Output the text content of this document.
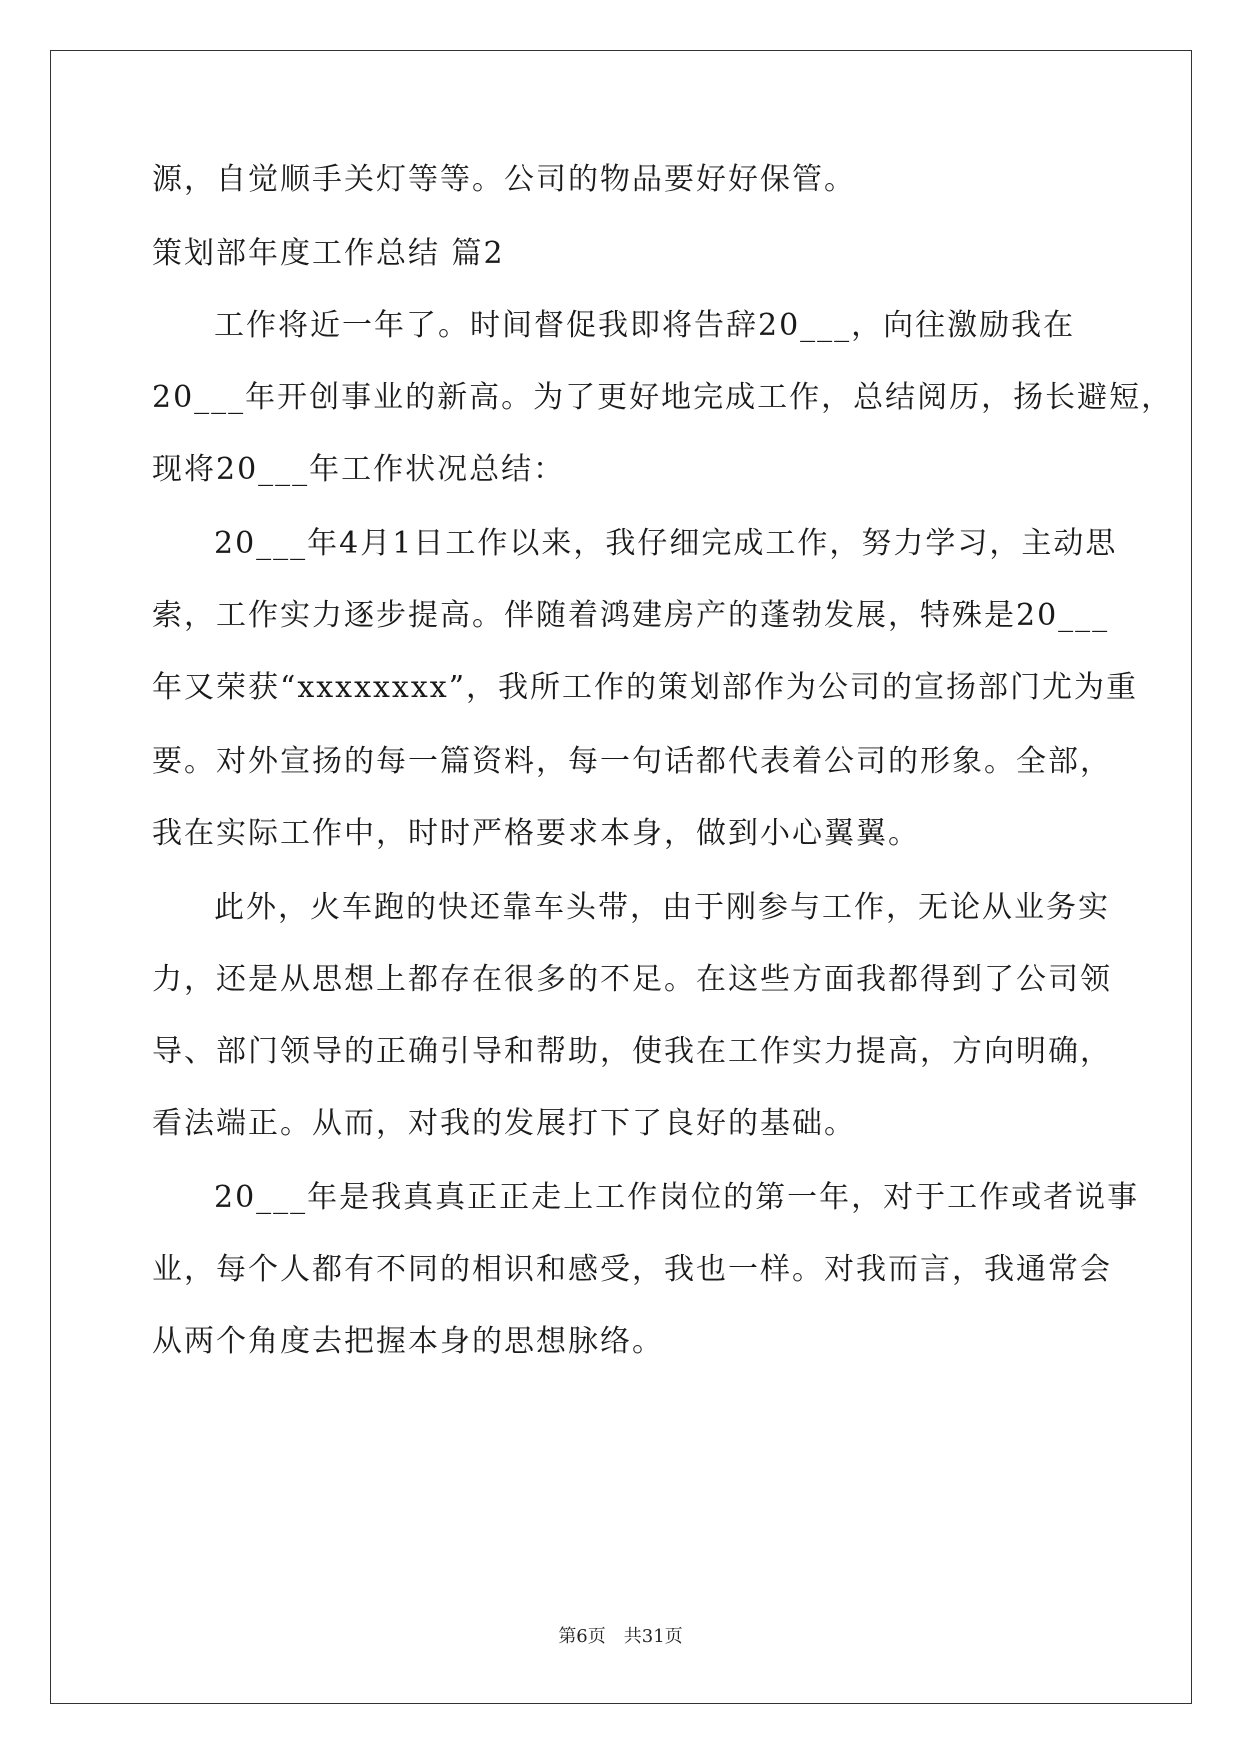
源，自觉顺手关灯等等。公司的物品要好好保管。
策划部年度工作总结 篇2
工作将近一年了。时间督促我即将告辞20___，向往激励我在
20___年开创事业的新高。为了更好地完成工作，总结阅历，扬长避短，
现将20___年工作状况总结：
20___年4月1日工作以来，我仔细完成工作，努力学习，主动思
索，工作实力逐步提高。伴随着鸿建房产的蓬勃发展，特殊是20___
年又荣获“xxxxxxxx”，我所工作的策划部作为公司的宣扬部门尤为重
要。对外宣扬的每一篇资料，每一句话都代表着公司的形象。全部，
我在实际工作中，时时严格要求本身，做到小心翼翼。
此外，火车跑的快还靠车头带，由于刚参与工作，无论从业务实
力，还是从思想上都存在很多的不足。在这些方面我都得到了公司领
导、部门领导的正确引导和帮助，使我在工作实力提高，方向明确，
看法端正。从而，对我的发展打下了良好的基础。
20___年是我真真正正走上工作岗位的第一年，对于工作或者说事
业，每个人都有不同的相识和感受，我也一样。对我而言，我通常会
从两个角度去把握本身的思想脉络。
第6页 共31页
